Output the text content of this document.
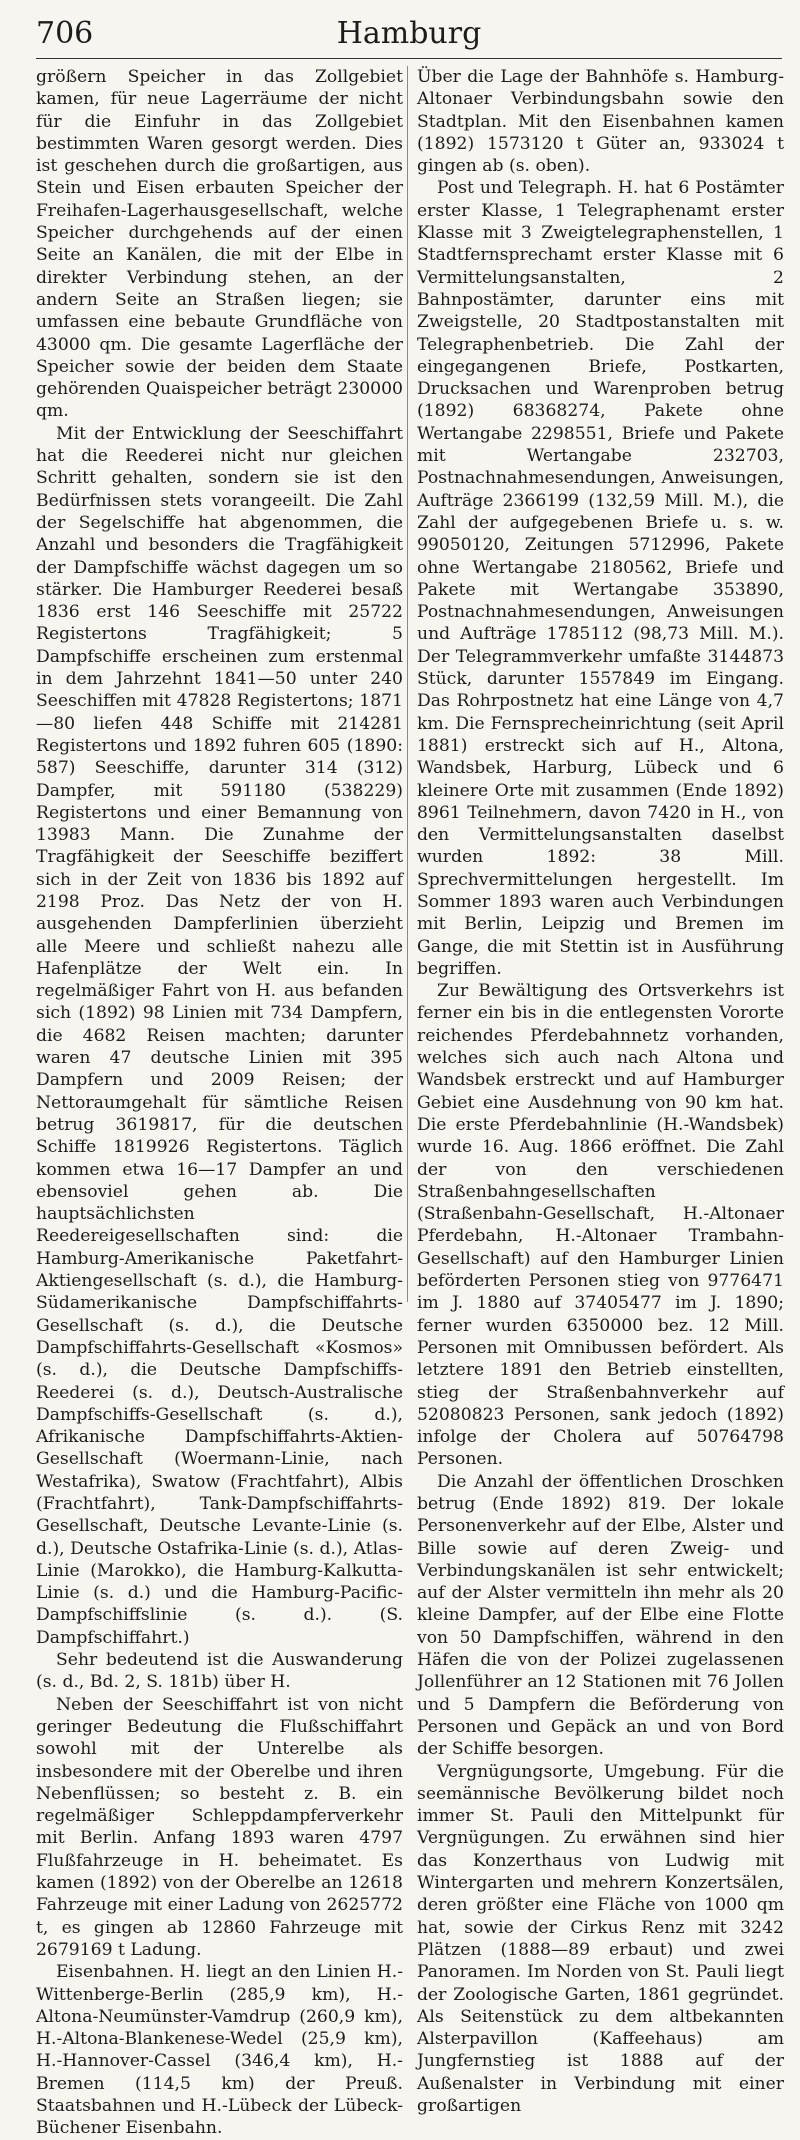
706	Hamburg

größern Speicher in das Zollgebiet kamen, für neue Lagerräume der nicht für die Einfuhr in das Zollgebiet bestimmten Waren gesorgt werden. Dies ist geschehen durch die großartigen, aus Stein und Eisen erbauten Speicher der Freihafen-Lagerhausgesellschaft, welche Speicher durchgehends auf der einen Seite an Kanälen, die mit der Elbe in direkter Verbindung stehen, an der andern Seite an Straßen liegen; sie umfassen eine bebaute Grundfläche von 43000 qm. Die gesamte Lagerfläche der Speicher sowie der beiden dem Staate gehörenden Quaispeicher beträgt 230000 qm.

Mit der Entwicklung der Seeschiffahrt hat die Reederei nicht nur gleichen Schritt gehalten, sondern sie ist den Bedürfnissen stets vorangeeilt. Die Zahl der Segelschiffe hat abgenommen, die Anzahl und besonders die Tragfähigkeit der Dampfschiffe wächst dagegen um so stärker. Die Hamburger Reederei besaß 1836 erst 146 Seeschiffe mit 25722 Registertons Tragfähigkeit; 5 Dampfschiffe erscheinen zum erstenmal in dem Jahrzehnt 1841—50 unter 240 Seeschiffen mit 47828 Registertons; 1871—80 liefen 448 Schiffe mit 214281 Registertons und 1892 fuhren 605 (1890: 587) Seeschiffe, darunter 314 (312) Dampfer, mit 591180 (538229) Registertons und einer Bemannung von 13983 Mann. Die Zunahme der Tragfähigkeit der Seeschiffe beziffert sich in der Zeit von 1836 bis 1892 auf 2198 Proz. Das Netz der von H. ausgehenden Dampferlinien überzieht alle Meere und schließt nahezu alle Hafenplätze der Welt ein. In regelmäßiger Fahrt von H. aus befanden sich (1892) 98 Linien mit 734 Dampfern, die 4682 Reisen machten; darunter waren 47 deutsche Linien mit 395 Dampfern und 2009 Reisen; der Nettoraumgehalt für sämtliche Reisen betrug 3619817, für die deutschen Schiffe 1819926 Registertons. Täglich kommen etwa 16—17 Dampfer an und ebensoviel gehen ab. Die hauptsächlichsten Reedereigesellschaften sind: die Hamburg-Amerikanische Paketfahrt-Aktiengesellschaft (s. d.), die Hamburg-Südamerikanische Dampfschiffahrts-Gesellschaft (s. d.), die Deutsche Dampfschiffahrts-Gesellschaft «Kosmos» (s. d.), die Deutsche Dampfschiffs-Reederei (s. d.), Deutsch-Australische Dampfschiffs-Gesellschaft (s. d.), Afrikanische Dampfschiffahrts-Aktien-Gesellschaft (Woermann-Linie, nach Westafrika), Swatow (Frachtfahrt), Albis (Frachtfahrt), Tank-Dampfschiffahrts-Gesellschaft, Deutsche Levante-Linie (s. d.), Deutsche Ostafrika-Linie (s. d.), Atlas-Linie (Marokko), die Hamburg-Kalkutta-Linie (s. d.) und die Hamburg-Pacific-Dampfschiffslinie (s. d.). (S. Dampfschiffahrt.)

Sehr bedeutend ist die Auswanderung (s. d., Bd. 2, S. 181b) über H.

Neben der Seeschiffahrt ist von nicht geringer Bedeutung die Flußschiffahrt sowohl mit der Unterelbe als insbesondere mit der Oberelbe und ihren Nebenflüssen; so besteht z. B. ein regelmäßiger Schleppdampferverkehr mit Berlin. Anfang 1893 waren 4797 Flußfahrzeuge in H. beheimatet. Es kamen (1892) von der Oberelbe an 12618 Fahrzeuge mit einer Ladung von 2625772 t, es gingen ab 12860 Fahrzeuge mit 2679169 t Ladung.

Eisenbahnen. H. liegt an den Linien H.-Wittenberge-Berlin (285,9 km), H.-Altona-Neumünster-Vamdrup (260,9 km), H.-Altona-Blankenese-Wedel (25,9 km), H.-Hannover-Cassel (346,4 km), H.-Bremen (114,5 km) der Preuß. Staatsbahnen und H.-Lübeck der Lübeck-Büchener Eisenbahn.

Über die Lage der Bahnhöfe s. Hamburg-Altonaer Verbindungsbahn sowie den Stadtplan. Mit den Eisenbahnen kamen (1892) 1573120 t Güter an, 933024 t gingen ab (s. oben).

Post und Telegraph. H. hat 6 Postämter erster Klasse, 1 Telegraphenamt erster Klasse mit 3 Zweigtelegraphenstellen, 1 Stadtfernsprechamt erster Klasse mit 6 Vermittelungsanstalten, 2 Bahnpostämter, darunter eins mit Zweigstelle, 20 Stadtpostanstalten mit Telegraphenbetrieb. Die Zahl der eingegangenen Briefe, Postkarten, Drucksachen und Warenproben betrug (1892) 68368274, Pakete ohne Wertangabe 2298551, Briefe und Pakete mit Wertangabe 232703, Postnachnahmesendungen, Anweisungen, Aufträge 2366199 (132,59 Mill. M.), die Zahl der aufgegebenen Briefe u. s. w. 99050120, Zeitungen 5712996, Pakete ohne Wertangabe 2180562, Briefe und Pakete mit Wertangabe 353890, Postnachnahmesendungen, Anweisungen und Aufträge 1785112 (98,73 Mill. M.). Der Telegrammverkehr umfaßte 3144873 Stück, darunter 1557849 im Eingang. Das Rohrpostnetz hat eine Länge von 4,7 km. Die Fernsprecheinrichtung (seit April 1881) erstreckt sich auf H., Altona, Wandsbek, Harburg, Lübeck und 6 kleinere Orte mit zusammen (Ende 1892) 8961 Teilnehmern, davon 7420 in H., von den Vermittelungsanstalten daselbst wurden 1892: 38 Mill. Sprechvermittelungen hergestellt. Im Sommer 1893 waren auch Verbindungen mit Berlin, Leipzig und Bremen im Gange, die mit Stettin ist in Ausführung begriffen.

Zur Bewältigung des Ortsverkehrs ist ferner ein bis in die entlegensten Vororte reichendes Pferdebahnnetz vorhanden, welches sich auch nach Altona und Wandsbek erstreckt und auf Hamburger Gebiet eine Ausdehnung von 90 km hat. Die erste Pferdebahnlinie (H.-Wandsbek) wurde 16. Aug. 1866 eröffnet. Die Zahl der von den verschiedenen Straßenbahngesellschaften (Straßenbahn-Gesellschaft, H.-Altonaer Pferdebahn, H.-Altonaer Trambahn-Gesellschaft) auf den Hamburger Linien beförderten Personen stieg von 9776471 im J. 1880 auf 37405477 im J. 1890; ferner wurden 6350000 bez. 12 Mill. Personen mit Omnibussen befördert. Als letztere 1891 den Betrieb einstellten, stieg der Straßenbahnverkehr auf 52080823 Personen, sank jedoch (1892) infolge der Cholera auf 50764798 Personen.

Die Anzahl der öffentlichen Droschken betrug (Ende 1892) 819. Der lokale Personenverkehr auf der Elbe, Alster und Bille sowie auf deren Zweig- und Verbindungskanälen ist sehr entwickelt; auf der Alster vermitteln ihn mehr als 20 kleine Dampfer, auf der Elbe eine Flotte von 50 Dampfschiffen, während in den Häfen die von der Polizei zugelassenen Jollenführer an 12 Stationen mit 76 Jollen und 5 Dampfern die Beförderung von Personen und Gepäck an und von Bord der Schiffe besorgen.

Vergnügungsorte, Umgebung. Für die seemännische Bevölkerung bildet noch immer St. Pauli den Mittelpunkt für Vergnügungen. Zu erwähnen sind hier das Konzerthaus von Ludwig mit Wintergarten und mehrern Konzertsälen, deren größter eine Fläche von 1000 qm hat, sowie der Cirkus Renz mit 3242 Plätzen (1888—89 erbaut) und zwei Panoramen. Im Norden von St. Pauli liegt der Zoologische Garten, 1861 gegründet. Als Seitenstück zu dem altbekannten Alsterpavillon (Kaffeehaus) am Jungfernstieg ist 1888 auf der Außenalster in Verbindung mit einer großartigen
